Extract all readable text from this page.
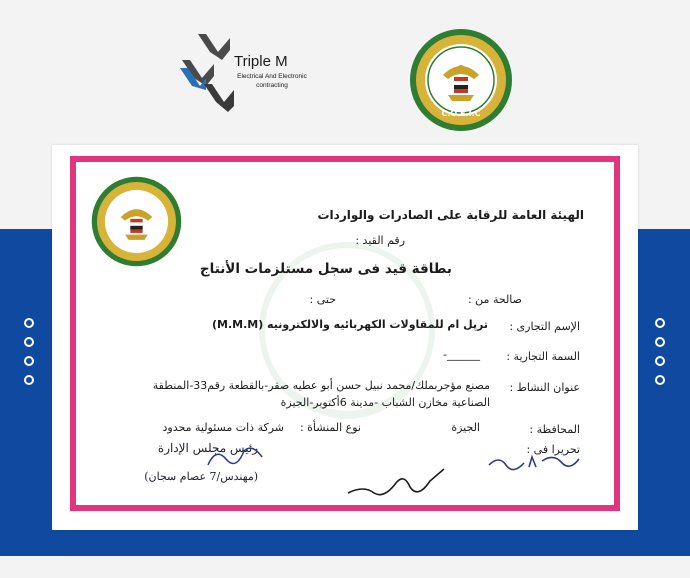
Triple M
Electrical And Electronic
contracting
C.O.E.I.C
الهيئة العامة للرقابة على الصادرات والواردات
رقم القيد :
بطاقة قيد فى سجل مستلزمات الأنتاج
صالحة من :
حتى :
الإسم التجارى :
ترپل ام للمقاولات الكهربائيه والالكترونيه (M.M.M)
السمة التجارية :
______-
عنوان النشاط :
مصنع مؤجربملك/محمد نبيل حسن أبو عطيه صقر-بالقطعة رقم33-المنطقة
الصناعية مخازن الشباب -مدينة 6أكتوبر-الجيزة
المحافظة :
الجيزة
نوع المنشأة :
شركة ذات مسئولية محدود
تحريرا فى :
رئيس مجلس الإدارة
(مهندس/7 عصام سجان)
